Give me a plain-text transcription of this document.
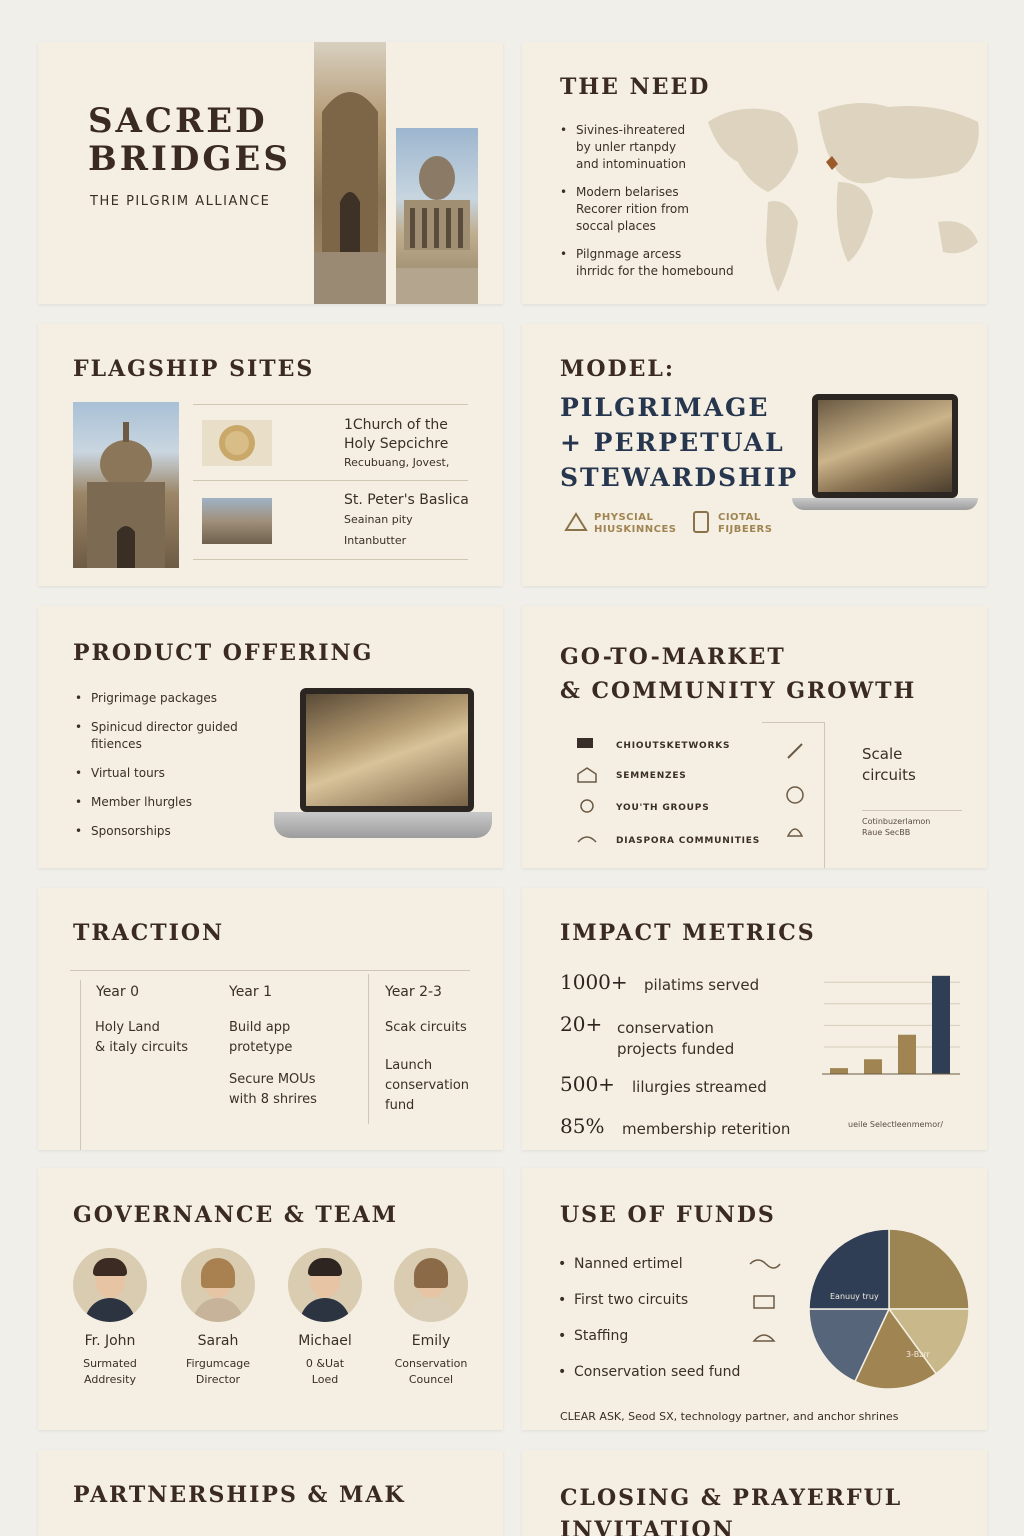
SACRED
BRIDGES
THE PILGRIM ALLIANCE
THE NEED
• Sivines-ihreatered
by unler rtanpdy
and intominuation
• Modern belarises
Recorer rition from
soccal places
• Pilgnmage arcess
ihrridc for the homebound
FLAGSHIP SITES
1Church of the
Holy Sepcichre
Recubuang, Jovest,
St. Peter's Baslica
Seainan pity
Intanbutter
MODEL:
PILGRIMAGE
+ PERPETUAL
STEWARDSHIP
PHYSCIAL
HIUSKINNCES
CIOTAL
FIJBEERS
PRODUCT OFFERING
• Prigrimage packages
• Spinicud director guided
fitiences
• Virtual tours
• Member lhurgles
• Sponsorships
GO-TO-MARKET
& COMMUNITY GROWTH
CHIOUTSKETWORKS
SEMMENZES
YOU'TH GROUPS
DIASPORA COMMUNITIES
Scale
circuits
Cotinbuzerlamon
Raue SecBB
TRACTION
Year 0
Holy Land
& italy circuits
Year 1
Build app
protetype
Secure MOUs
with 8 shrires
Year 2-3
Scak circuits
Launch
conservation
fund
IMPACT METRICS
1000+ pilatims served
20+ conservation
projects funded
500+ lilurgies streamed
85% membership reterition	ueile Selectleenmemor/
GOVERNANCE & TEAM
Fr. John
Surmated
Addresity
Sarah
Firgumcage
Director
Michael
0 &Uat
Loed
Emily
Conservation
Councel
USE OF FUNDS
• Nanned ertimel
• First two circuits
• Staffing
• Conservation seed fund
Eanuuy truy
3-Bzrr
CLEAR ASK, Seod SX, technology partner, and anchor shrines
PARTNERSHIPS & MAK	CLOSING & PRAYERFUL
INVITATION
